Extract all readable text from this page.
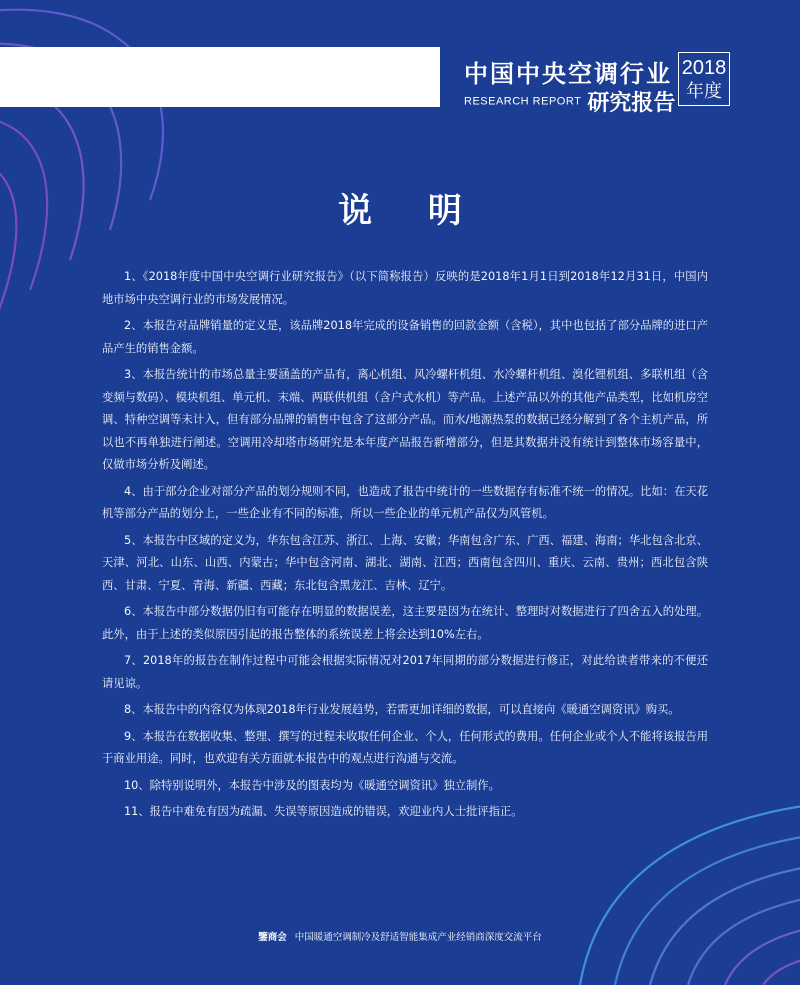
中国中央空调行业
RESEARCH REPORT 研究报告
2018
年度
说 明

1、《2018年度中国中央空调行业研究报告》（以下简称报告）反映的是2018年1月1日到2018年12月31日，中国内地市场中央空调行业的市场发展情况。

2、本报告对品牌销量的定义是，该品牌2018年完成的设备销售的回款金额（含税），其中也包括了部分品牌的进口产品产生的销售金额。

3、本报告统计的市场总量主要涵盖的产品有，离心机组、风冷螺杆机组、水冷螺杆机组、溴化锂机组、多联机组（含变频与数码）、模块机组、单元机、末端、两联供机组（含户式水机）等产品。上述产品以外的其他产品类型，比如机房空调、特种空调等未计入，但有部分品牌的销售中包含了这部分产品。而水/地源热泵的数据已经分解到了各个主机产品，所以也不再单独进行阐述。空调用冷却塔市场研究是本年度产品报告新增部分，但是其数据并没有统计到整体市场容量中，仅做市场分析及阐述。

4、由于部分企业对部分产品的划分规则不同，也造成了报告中统计的一些数据存有标准不统一的情况。比如：在天花机等部分产品的划分上，一些企业有不同的标准，所以一些企业的单元机产品仅为风管机。

5、本报告中区域的定义为，华东包含江苏、浙江、上海、安徽；华南包含广东、广西、福建、海南；华北包含北京、天津、河北、山东、山西、内蒙古；华中包含河南、湖北、湖南、江西；西南包含四川、重庆、云南、贵州；西北包含陕西、甘肃、宁夏、青海、新疆、西藏；东北包含黑龙江、吉林、辽宁。

6、本报告中部分数据仍旧有可能存在明显的数据误差，这主要是因为在统计、整理时对数据进行了四舍五入的处理。此外，由于上述的类似原因引起的报告整体的系统误差上将会达到10%左右。

7、2018年的报告在制作过程中可能会根据实际情况对2017年同期的部分数据进行修正，对此给读者带来的不便还请见谅。

8、本报告中的内容仅为体现2018年行业发展趋势，若需更加详细的数据，可以直接向《暖通空调资讯》购买。

9、本报告在数据收集、整理、撰写的过程未收取任何企业、个人，任何形式的费用。任何企业或个人不能将该报告用于商业用途。同时，也欢迎有关方面就本报告中的观点进行沟通与交流。

10、除特别说明外，本报告中涉及的图表均为《暖通空调资讯》独立制作。

11、报告中难免有因为疏漏、失误等原因造成的错误，欢迎业内人士批评指正。

鑒商会 中国暖通空调制冷及舒适智能集成产业经销商深度交流平台
